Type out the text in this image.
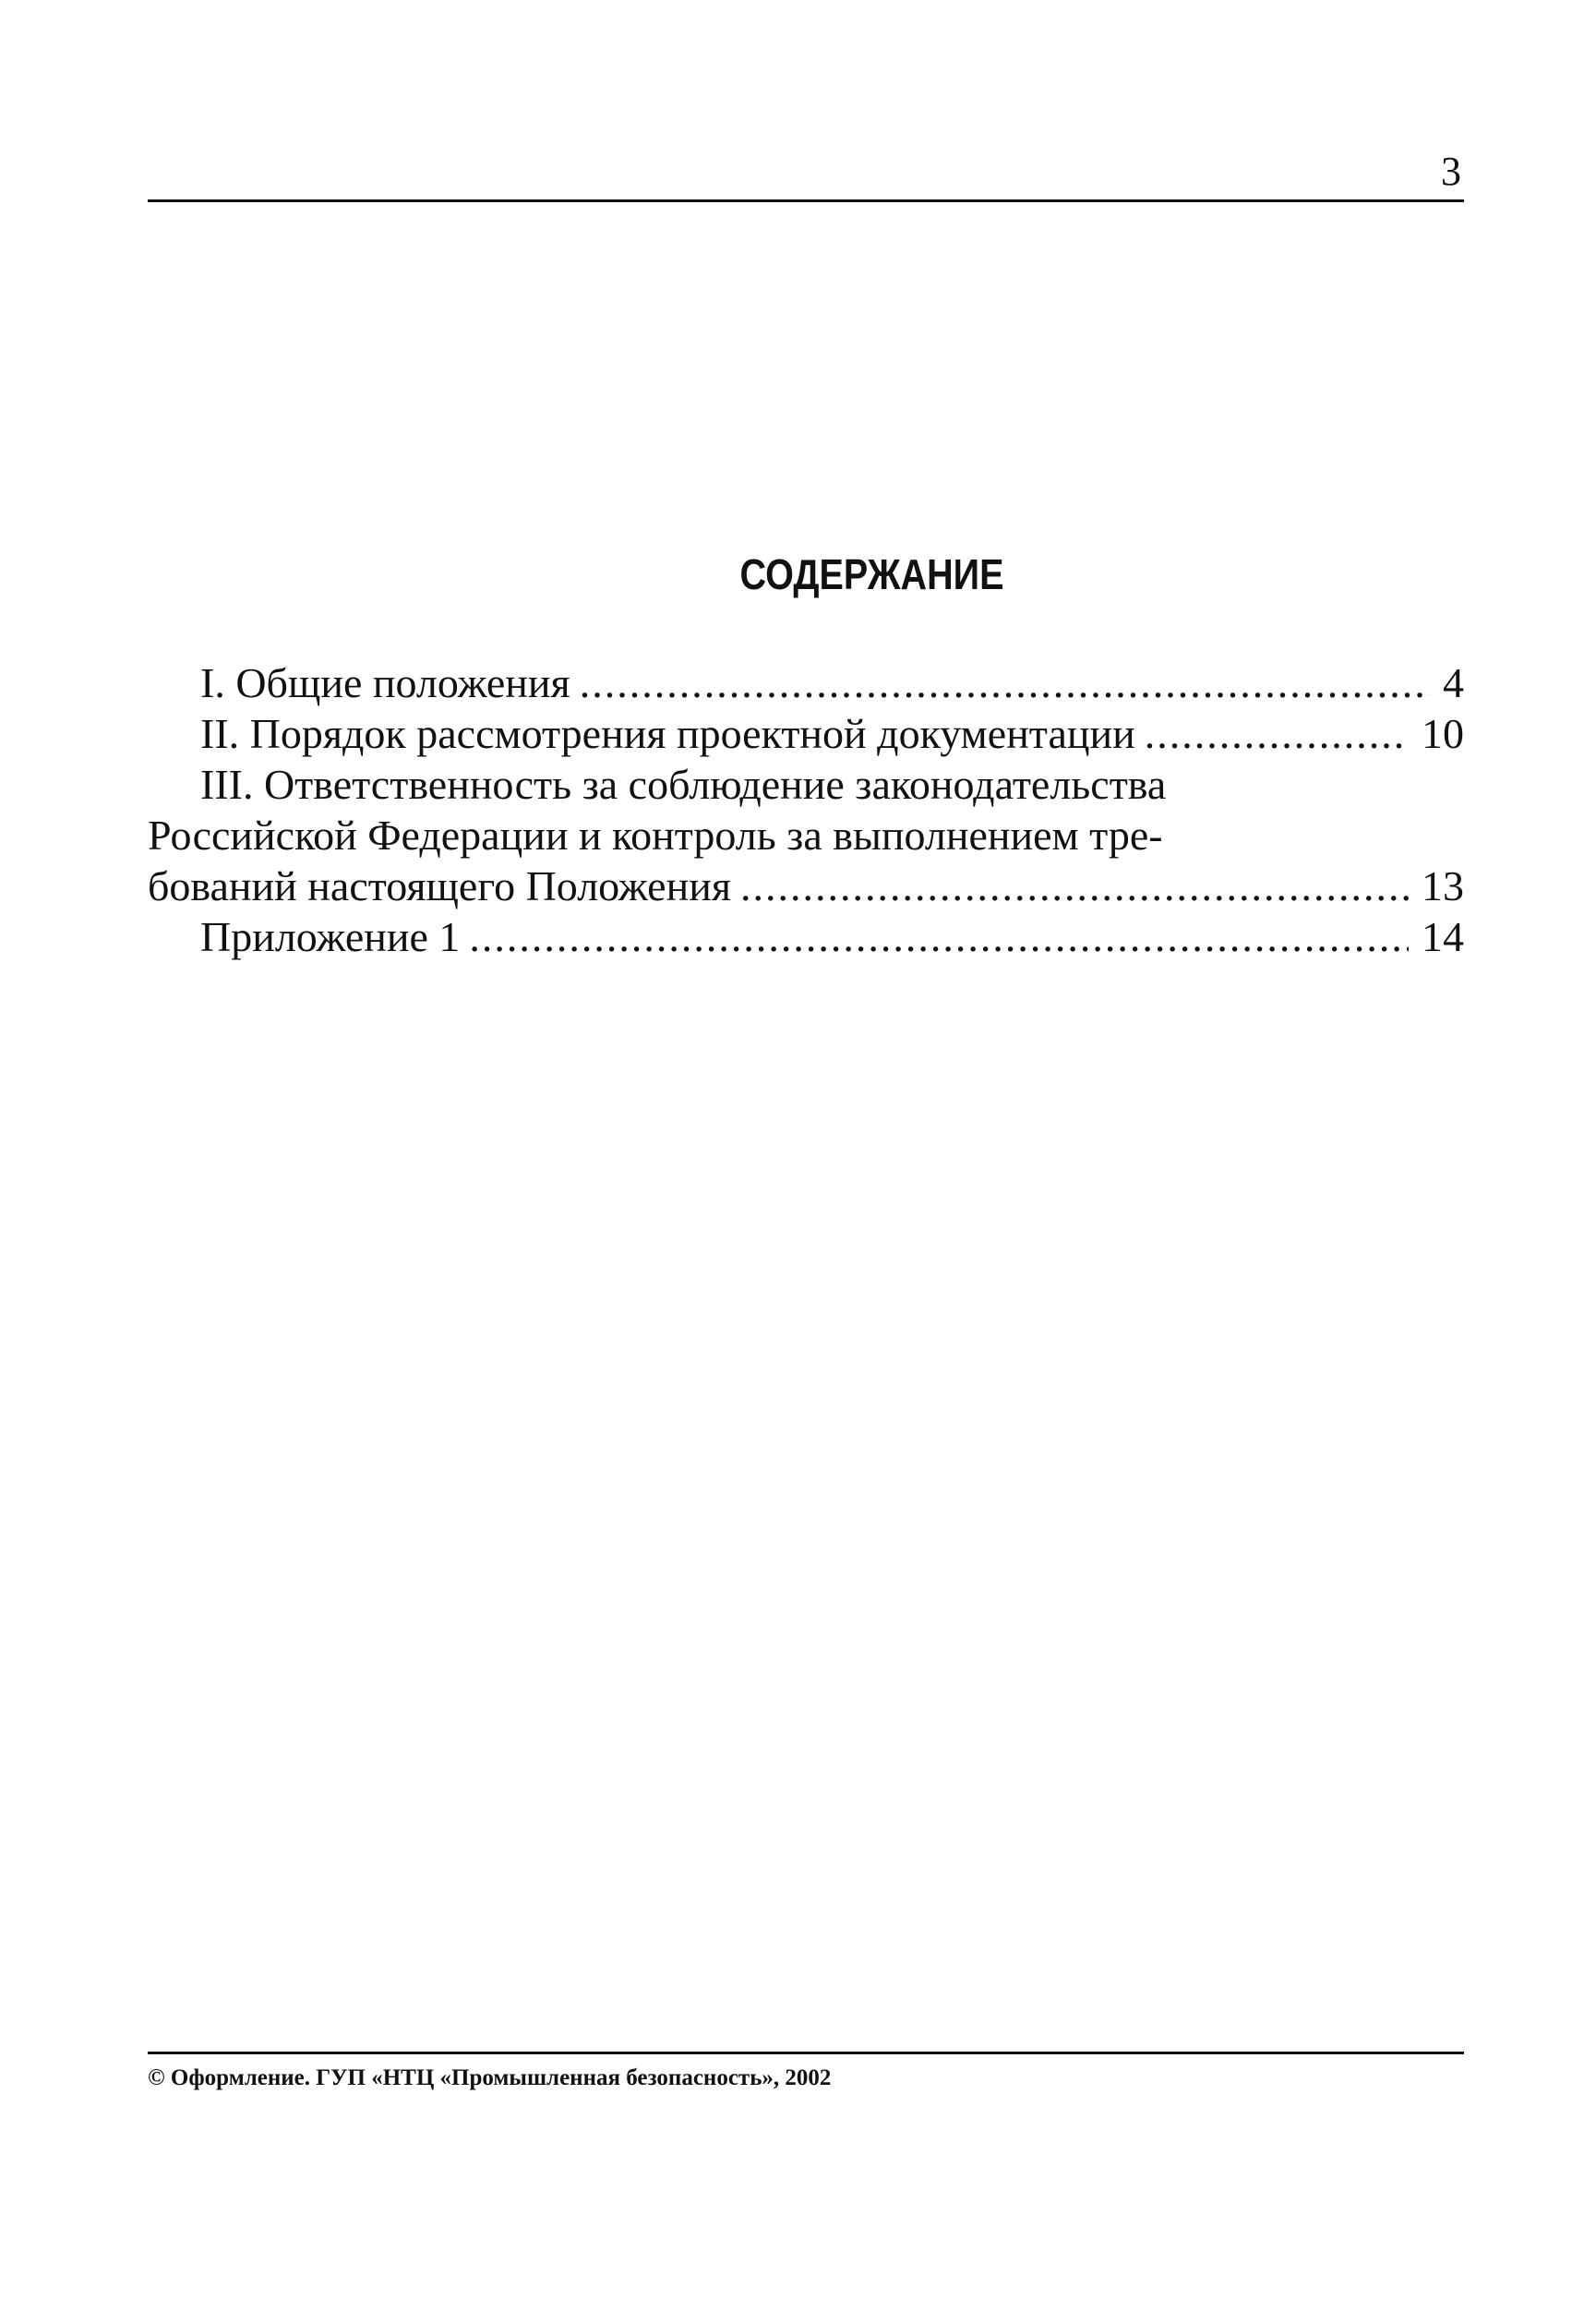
3
СОДЕРЖАНИЕ
I. Общие положения .....	4
II. Порядок рассмотрения проектной документации .....	10
III. Ответственность за соблюдение законодательства
Российской Федерации и контроль за выполнением тре-
бований настоящего Положения .....	13
Приложение 1 .....	14
© Оформление. ГУП «НТЦ «Промышленная безопасность», 2002
